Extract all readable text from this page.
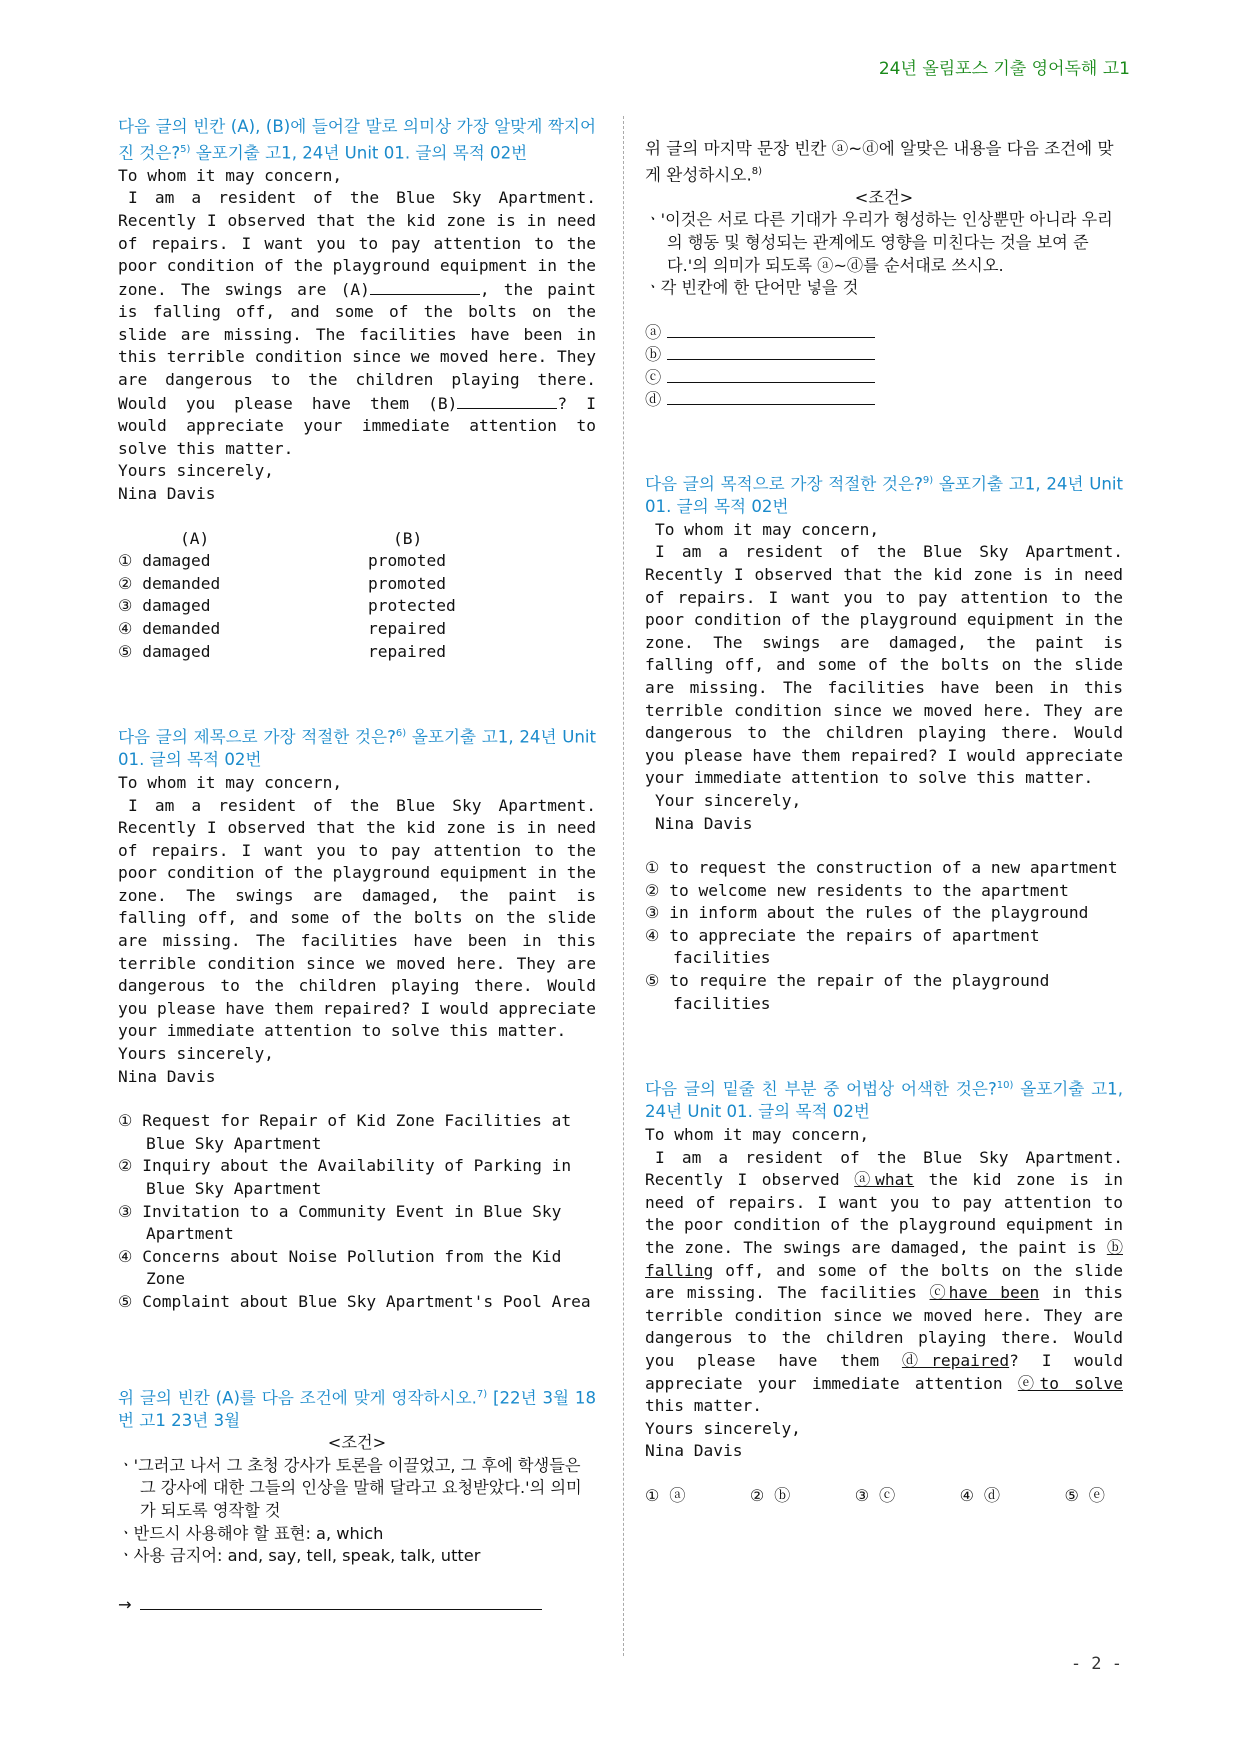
24년 올림포스 기출 영어독해 고1

다음 글의 빈칸 (A), (B)에 들어갈 말로 의미상 가장 알맞게 짝지어진 것은?$^{5)}$ 올포기출 고1, 24년 Unit 01. 글의 목적 02번

To whom it may concern,

I am a resident of the Blue Sky Apartment. Recently I observed that the kid zone is in need of repairs. I want you to pay attention to the poor condition of the playground equipment in the zone. The swings are (A)	, the paint is falling off, and some of the bolts on the slide are missing. The facilities have been in this terrible condition since we moved here. They are dangerous to the children playing there. Would you please have them (B)	? I would appreciate your immediate attention to solve this matter.

Yours sincerely,

Nina Davis

(A)	(B)
① damaged	promoted
② demanded	promoted
③ damaged	protected
④ demanded	repaired
⑤ damaged	repaired

다음 글의 제목으로 가장 적절한 것은?$^{6)}$ 올포기출 고1, 24년 Unit 01. 글의 목적 02번

To whom it may concern,

I am a resident of the Blue Sky Apartment. Recently I observed that the kid zone is in need of repairs. I want you to pay attention to the poor condition of the playground equipment in the zone. The swings are damaged, the paint is falling off, and some of the bolts on the slide are missing. The facilities have been in this terrible condition since we moved here. They are dangerous to the children playing there. Would you please have them repaired? I would appreciate your immediate attention to solve this matter.

Yours sincerely,

Nina Davis

① Request for Repair of Kid Zone Facilities at Blue Sky Apartment
② Inquiry about the Availability of Parking in Blue Sky Apartment
③ Invitation to a Community Event in Blue Sky Apartment
④ Concerns about Noise Pollution from the Kid Zone
⑤ Complaint about Blue Sky Apartment's Pool Area

위 글의 빈칸 (A)를 다음 조건에 맞게 영작하시오.$^{7)}$ [22년 3월 18번 고1 23년 3월

<조건>

ㆍ'그러고 나서 그 초청 강사가 토론을 이끌었고, 그 후에 학생들은 그 강사에 대한 그들의 인상을 말해 달라고 요청받았다.'의 의미가 되도록 영작할 것

ㆍ반드시 사용해야 할 표현: a, which

ㆍ사용 금지어: and, say, tell, speak, talk, utter

→

위 글의 마지막 문장 빈칸 ⓐ~ⓓ에 알맞은 내용을 다음 조건에 맞게 완성하시오.$^{8)}$

<조건>

ㆍ'이것은 서로 다른 기대가 우리가 형성하는 인상뿐만 아니라 우리의 행동 및 형성되는 관계에도 영향을 미친다는 것을 보여 준다.'의 의미가 되도록 ⓐ~ⓓ를 순서대로 쓰시오.

ㆍ각 빈칸에 한 단어만 넣을 것

ⓐ
ⓑ
ⓒ
ⓓ

다음 글의 목적으로 가장 적절한 것은?$^{9)}$ 올포기출 고1, 24년 Unit 01. 글의 목적 02번

To whom it may concern,

I am a resident of the Blue Sky Apartment. Recently I observed that the kid zone is in need of repairs. I want you to pay attention to the poor condition of the playground equipment in the zone. The swings are damaged, the paint is falling off, and some of the bolts on the slide are missing. The facilities have been in this terrible condition since we moved here. They are dangerous to the children playing there. Would you please have them repaired? I would appreciate your immediate attention to solve this matter.

Your sincerely,

Nina Davis

① to request the construction of a new apartment
② to welcome new residents to the apartment
③ in inform about the rules of the playground
④ to appreciate the repairs of apartment facilities
⑤ to require the repair of the playground facilities

다음 글의 밑줄 친 부분 중 어법상 어색한 것은?$^{10)}$ 올포기출 고1, 24년 Unit 01. 글의 목적 02번

To whom it may concern,

I am a resident of the Blue Sky Apartment. Recently I observed ⓐwhat the kid zone is in need of repairs. I want you to pay attention to the poor condition of the playground equipment in the zone. The swings are damaged, the paint is ⓑ falling off, and some of the bolts on the slide are missing. The facilities ⓒhave been in this terrible condition since we moved here. They are dangerous to the children playing there. Would you please have them ⓓrepaired? I would appreciate your immediate attention ⓔto solve this matter.

Yours sincerely,

Nina Davis

① ⓐ	② ⓑ	③ ⓒ	④ ⓓ	⑤ ⓔ
- 2 -
